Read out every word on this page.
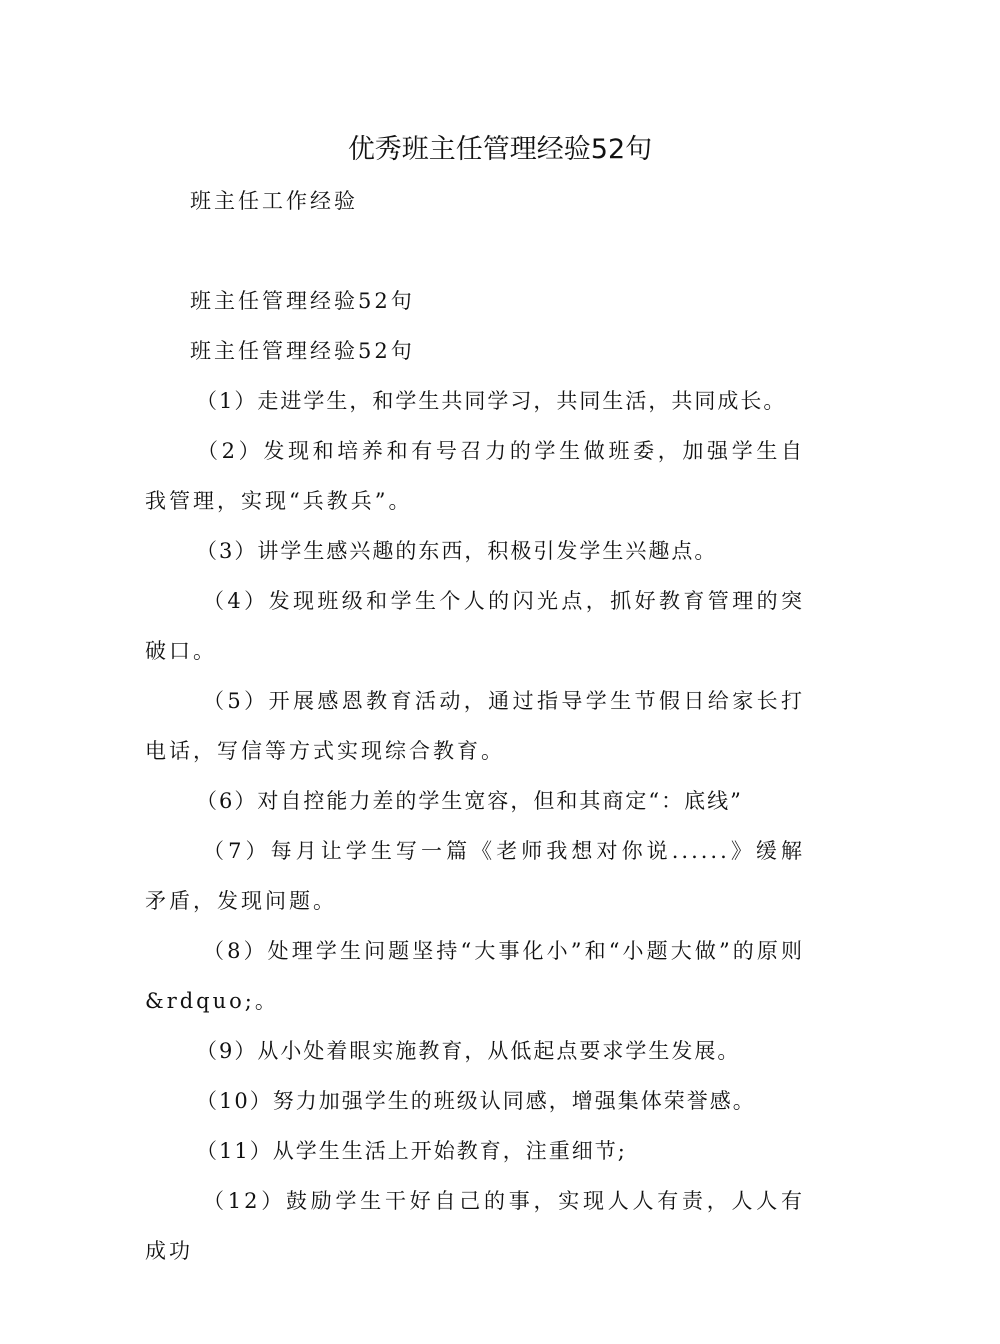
优秀班主任管理经验52句
班主任工作经验
班主任管理经验52句
班主任管理经验52句
（1）走进学生，和学生共同学习，共同生活，共同成长。
（2）发现和培养和有号召力的学生做班委，加强学生自我管理，实现“兵教兵”。
（3）讲学生感兴趣的东西，积极引发学生兴趣点。
（4）发现班级和学生个人的闪光点，抓好教育管理的突破口。
（5）开展感恩教育活动，通过指导学生节假日给家长打电话，写信等方式实现综合教育。
（6）对自控能力差的学生宽容，但和其商定“：底线”
（7）每月让学生写一篇《老师我想对你说......》缓解矛盾，发现问题。
（8）处理学生问题坚持“大事化小”和“小题大做”的原则&rdquo;。
（9）从小处着眼实施教育，从低起点要求学生发展。
（10）努力加强学生的班级认同感，增强集体荣誉感。
（11）从学生生活上开始教育，注重细节;
（12）鼓励学生干好自己的事，实现人人有责，人人有成功
